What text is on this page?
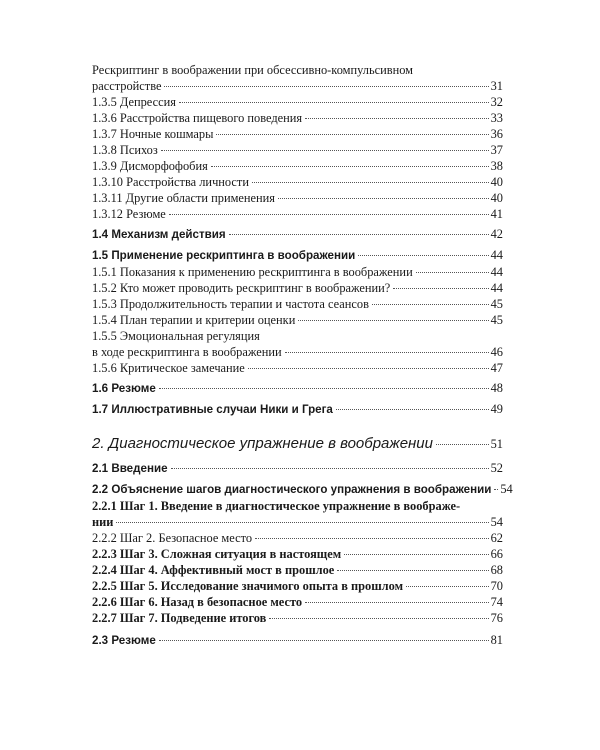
Рескриптинг в воображении при обсессивно-компульсивном
расстройстве	31
1.3.5 Депрессия	32
1.3.6 Расстройства пищевого поведения	33
1.3.7 Ночные кошмары	36
1.3.8 Психоз	37
1.3.9 Дисморфофобия	38
1.3.10 Расстройства личности	40
1.3.11 Другие области применения	40
1.3.12 Резюме	41
1.4 Механизм действия	42
1.5 Применение рескриптинга в воображении	44
1.5.1 Показания к применению рескриптинга в воображении	44
1.5.2 Кто может проводить рескриптинг в воображении?	44
1.5.3 Продолжительность терапии и частота сеансов	45
1.5.4 План терапии и критерии оценки	45
1.5.5 Эмоциональная регуляция
в ходе рескриптинга в воображении	46
1.5.6 Критическое замечание	47
1.6 Резюме	48
1.7 Иллюстративные случаи Ники и Грега	49
2. Диагностическое упражнение в воображении	51
2.1 Введение	52
2.2 Объяснение шагов диагностического упражнения в воображении 54
2.2.1 Шаг 1. Введение в диагностическое упражнение в воображе-
нии	54
2.2.2 Шаг 2. Безопасное место	62
2.2.3 Шаг 3. Сложная ситуация в настоящем	66
2.2.4 Шаг 4. Аффективный мост в прошлое	68
2.2.5 Шаг 5. Исследование значимого опыта в прошлом	70
2.2.6 Шаг 6. Назад в безопасное место	74
2.2.7 Шаг 7. Подведение итогов	76
2.3 Резюме	81
